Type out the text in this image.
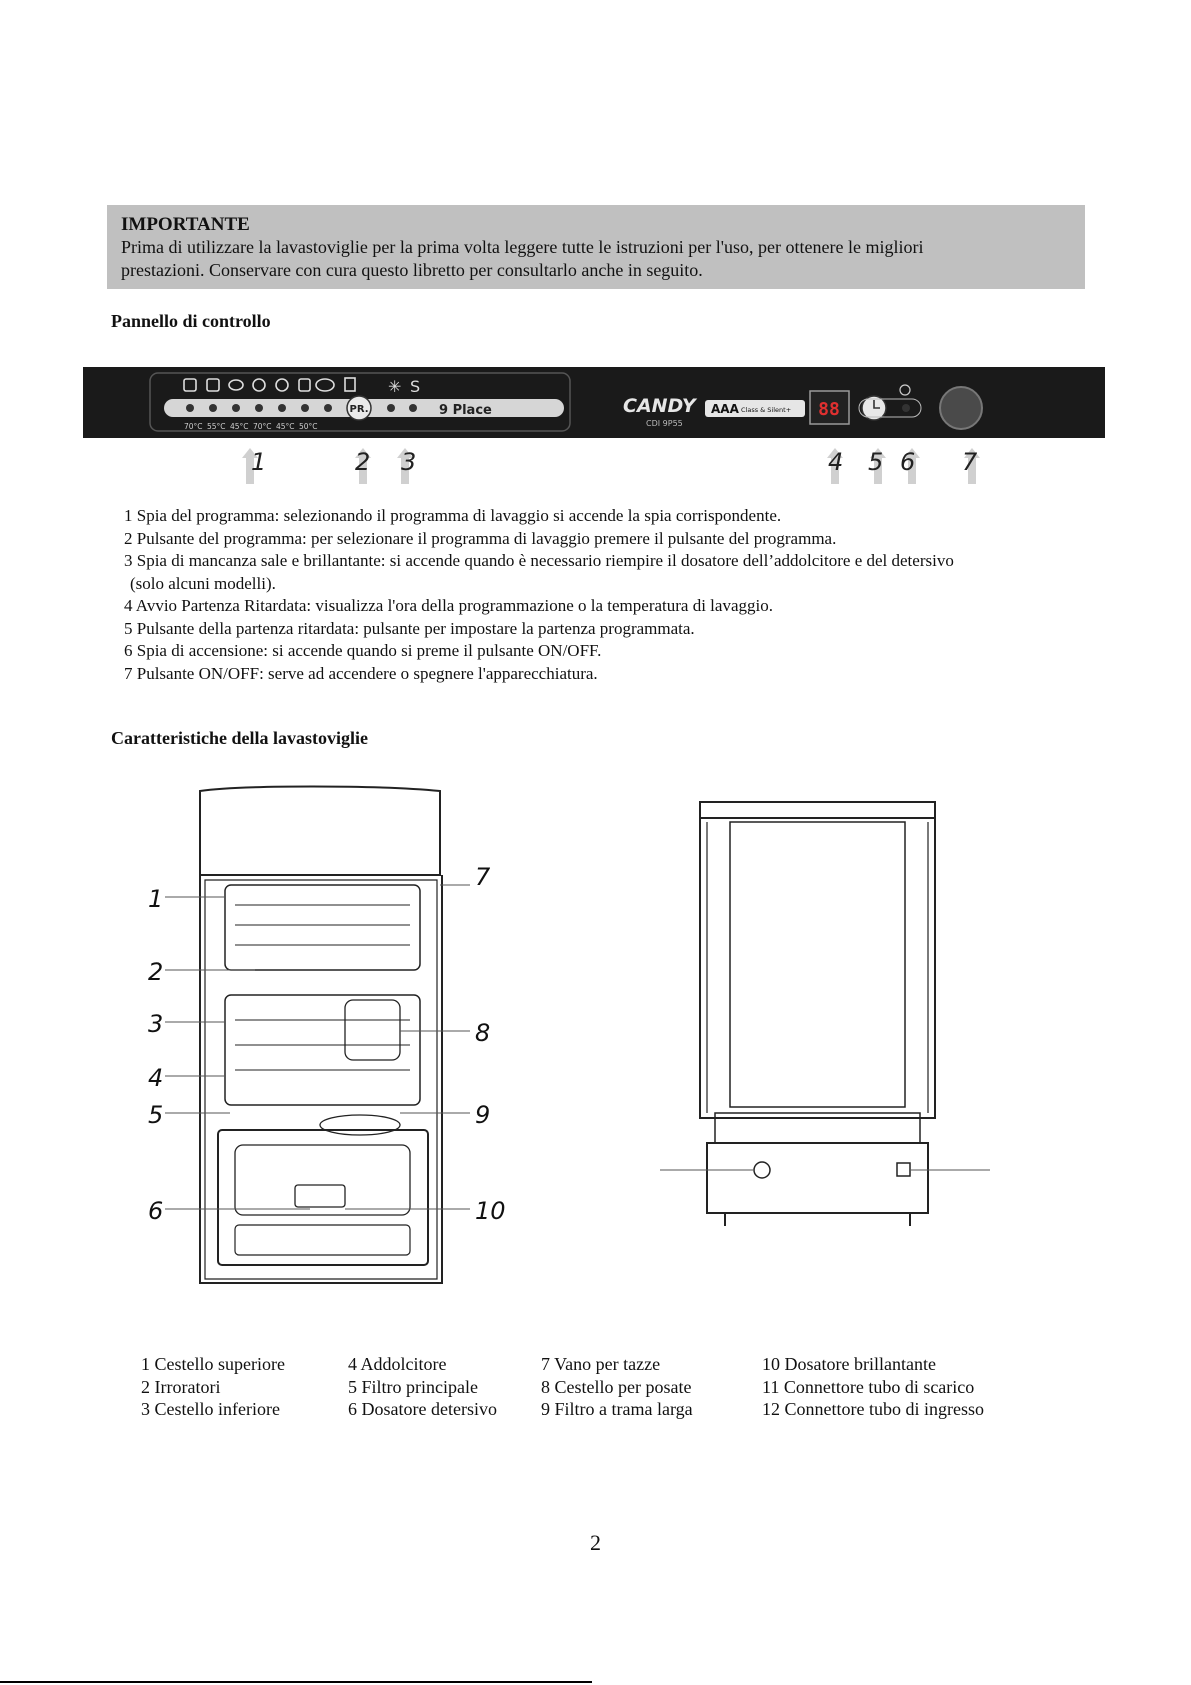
IMPORTANTE
Prima di utilizzare la lavastoviglie per la prima volta leggere tutte le istruzioni per l'uso, per ottenere le migliori
prestazioni. Conservare con cura questo libretto per consultarlo anche in seguito.
Pannello di controllo
✳ S
PR.	9 Place
70°C 55°C 45°C 70°C 45°C 50°C
CANDY
CDI 9P55
AAA Class & Silent+ 88
1	2 3	4 5 6 7
1 Spia del programma: selezionando il programma di lavaggio si accende la spia corrispondente.
2 Pulsante del programma: per selezionare il programma di lavaggio premere il pulsante del programma.
3 Spia di mancanza sale e brillantante: si accende quando è necessario riempire il dosatore dell’addolcitore e del detersivo
(solo alcuni modelli).
4 Avvio Partenza Ritardata: visualizza l'ora della programmazione o la temperatura di lavaggio.
5 Pulsante della partenza ritardata: pulsante per impostare la partenza programmata.
6 Spia di accensione: si accende quando si preme il pulsante ON/OFF.
7 Pulsante ON/OFF: serve ad accendere o spegnere l'apparecchiatura.
Caratteristiche della lavastoviglie
1
2
3
4
5
6
7
8
9
10
1 Cestello superiore
2 Irroratori
3 Cestello inferiore
4 Addolcitore
5 Filtro principale
6 Dosatore detersivo
7 Vano per tazze
8 Cestello per posate
9 Filtro a trama larga
10 Dosatore brillantante
11 Connettore tubo di scarico
12 Connettore tubo di ingresso
2
